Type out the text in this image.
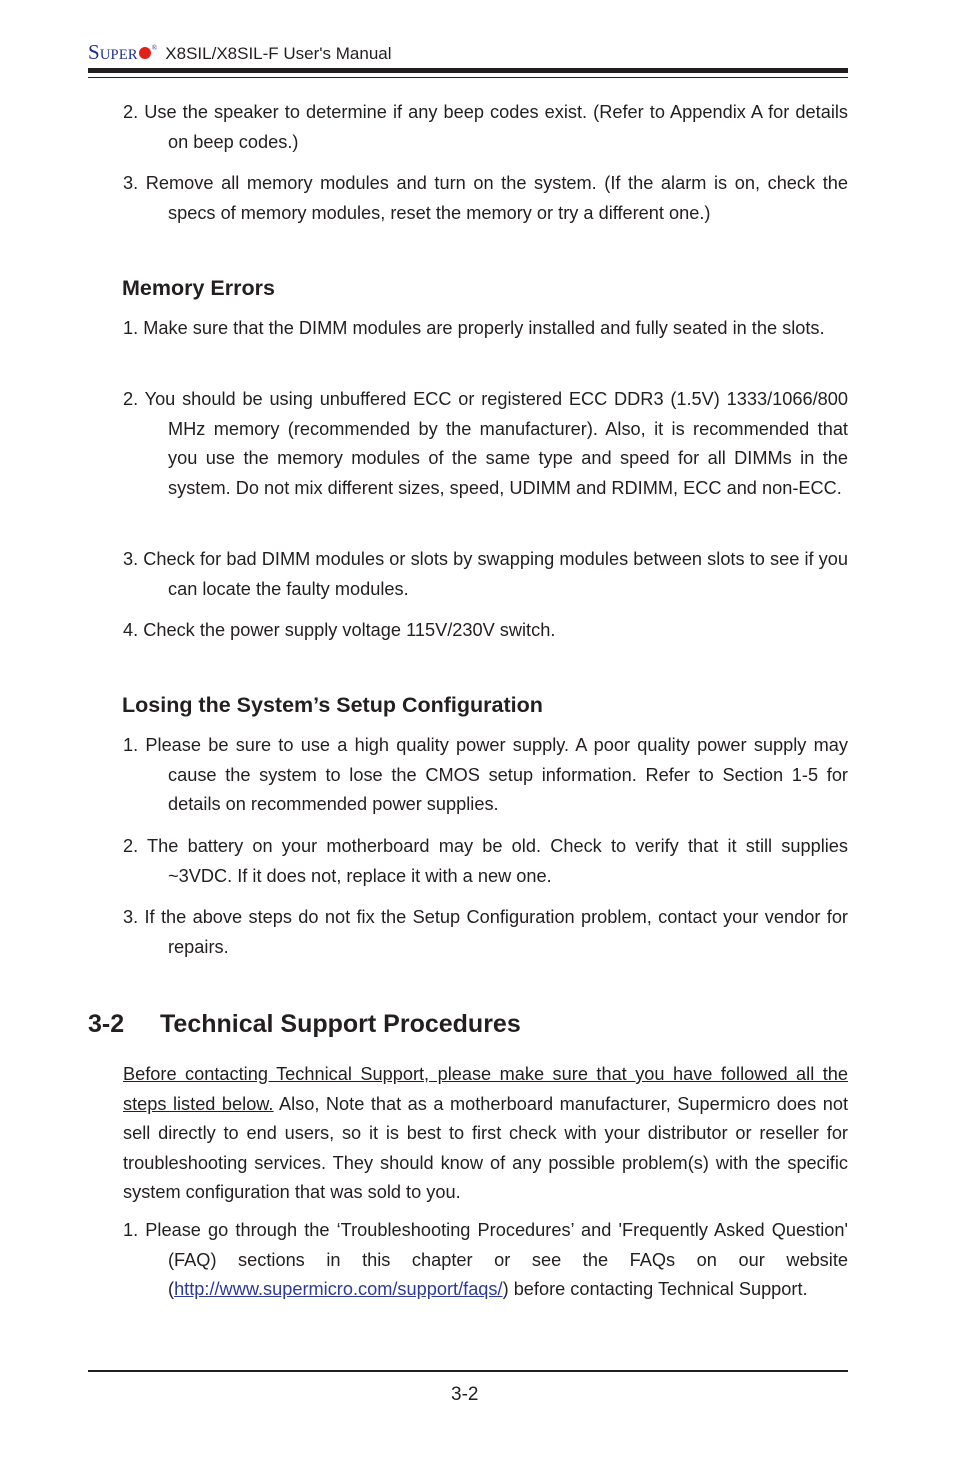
S UPER ® X8SIL/X8SIL-F User's Manual
2. Use the speaker to determine if any beep codes exist. (Refer to Appendix A for details on beep codes.)
3. Remove all memory modules and turn on the system. (If the alarm is on, check the specs of memory modules, reset the memory or try a different one.)
Memory Errors
1. Make sure that the DIMM modules are properly installed and fully seated in the slots.
2. You should be using unbuffered ECC or registered ECC DDR3 (1.5V) 1333/1066/800 MHz memory (recommended by the manufacturer). Also, it is recommended that you use the memory modules of the same type and speed for all DIMMs in the system. Do not mix different sizes, speed, UDIMM and RDIMM, ECC and non-ECC.
3. Check for bad DIMM modules or slots by swapping modules between slots to see if you can locate the faulty modules.
4. Check the power supply voltage 115V/230V switch.
Losing the System’s Setup Configuration
1. Please be sure to use a high quality power supply. A poor quality power supply may cause the system to lose the CMOS setup information. Refer to Section 1-5 for details on recommended power supplies.
2. The battery on your motherboard may be old. Check to verify that it still supplies ~3VDC. If it does not, replace it with a new one.
3. If the above steps do not fix the Setup Configuration problem, contact your vendor for repairs.
3-2 Technical Support Procedures
Before contacting Technical Support, please make sure that you have followed all the steps listed below. Also, Note that as a motherboard manufacturer, Supermicro does not sell directly to end users, so it is best to first check with your distributor or reseller for troubleshooting services. They should know of any possible problem(s) with the specific system configuration that was sold to you.
1. Please go through the ‘Troubleshooting Procedures’ and 'Frequently Asked Question' (FAQ) sections in this chapter or see the FAQs on our website (http://www.supermicro.com/support/faqs/) before contacting Technical Support.
3-2
